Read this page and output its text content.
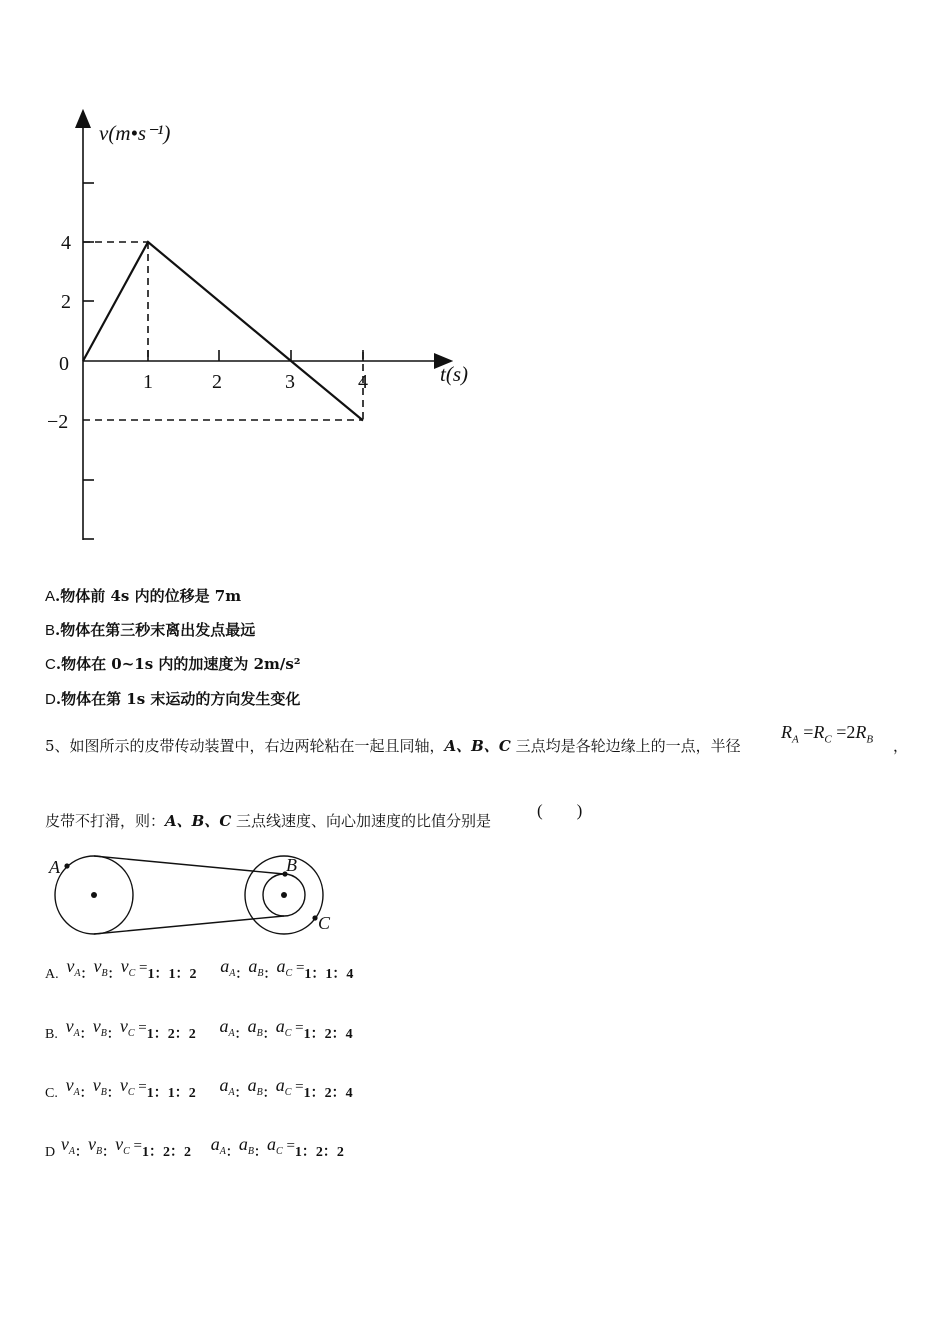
v(m•s⁻¹)
t(s)
4
2
0
−2
1	2	3	4
A.物体前 4s 内的位移是 7m
B.物体在第三秒末离出发点最远
C.物体在 0~1s 内的加速度为 2m/s²
D.物体在第 1s 末运动的方向发生变化
5、如图所示的皮带传动装置中，右边两轮粘在一起且同轴，A、B、C 三点均是各轮边缘上的一点，半径
$R_A =R_C =2R_B$ ，
皮带不打滑，则：A、B、C 三点线速度、向心加速度的比值分别是
(　　)
A	B
C
A. $v_A$：$v_B$：$v_C =1$：1：2 $a_A$：$a_B$：$a_C =1$：1：4
B. $v_A$：$v_B$：$v_C =1$：2：2 $a_A$：$a_B$：$a_C =1$：2：4
C. $v_A$：$v_B$：$v_C =1$：1：2 $a_A$：$a_B$：$a_C =1$：2：4
D $v_A$：$v_B$：$v_C =1$：2：2 $a_A$：$a_B$：$a_C =1$：2：2
